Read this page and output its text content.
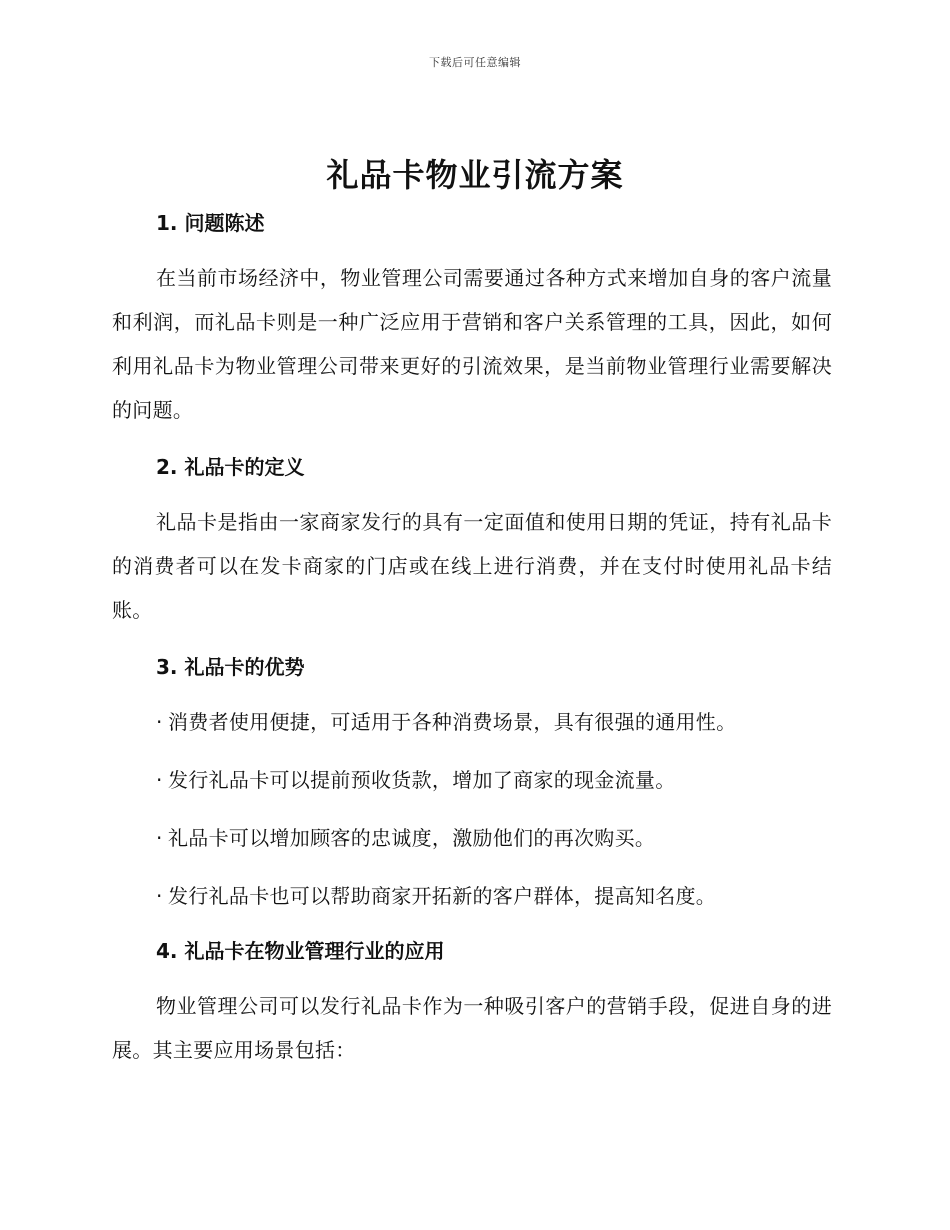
下载后可任意编辑
礼品卡物业引流方案
1. 问题陈述

在当前市场经济中，物业管理公司需要通过各种方式来增加自身的客户流量和利润，而礼品卡则是一种广泛应用于营销和客户关系管理的工具，因此，如何利用礼品卡为物业管理公司带来更好的引流效果，是当前物业管理行业需要解决的问题。

2. 礼品卡的定义

礼品卡是指由一家商家发行的具有一定面值和使用日期的凭证，持有礼品卡的消费者可以在发卡商家的门店或在线上进行消费，并在支付时使用礼品卡结账。

3. 礼品卡的优势
· 消费者使用便捷，可适用于各种消费场景，具有很强的通用性。
· 发行礼品卡可以提前预收货款，增加了商家的现金流量。
· 礼品卡可以增加顾客的忠诚度，激励他们的再次购买。
· 发行礼品卡也可以帮助商家开拓新的客户群体，提高知名度。
4. 礼品卡在物业管理行业的应用

物业管理公司可以发行礼品卡作为一种吸引客户的营销手段，促进自身的进展。其主要应用场景包括：
